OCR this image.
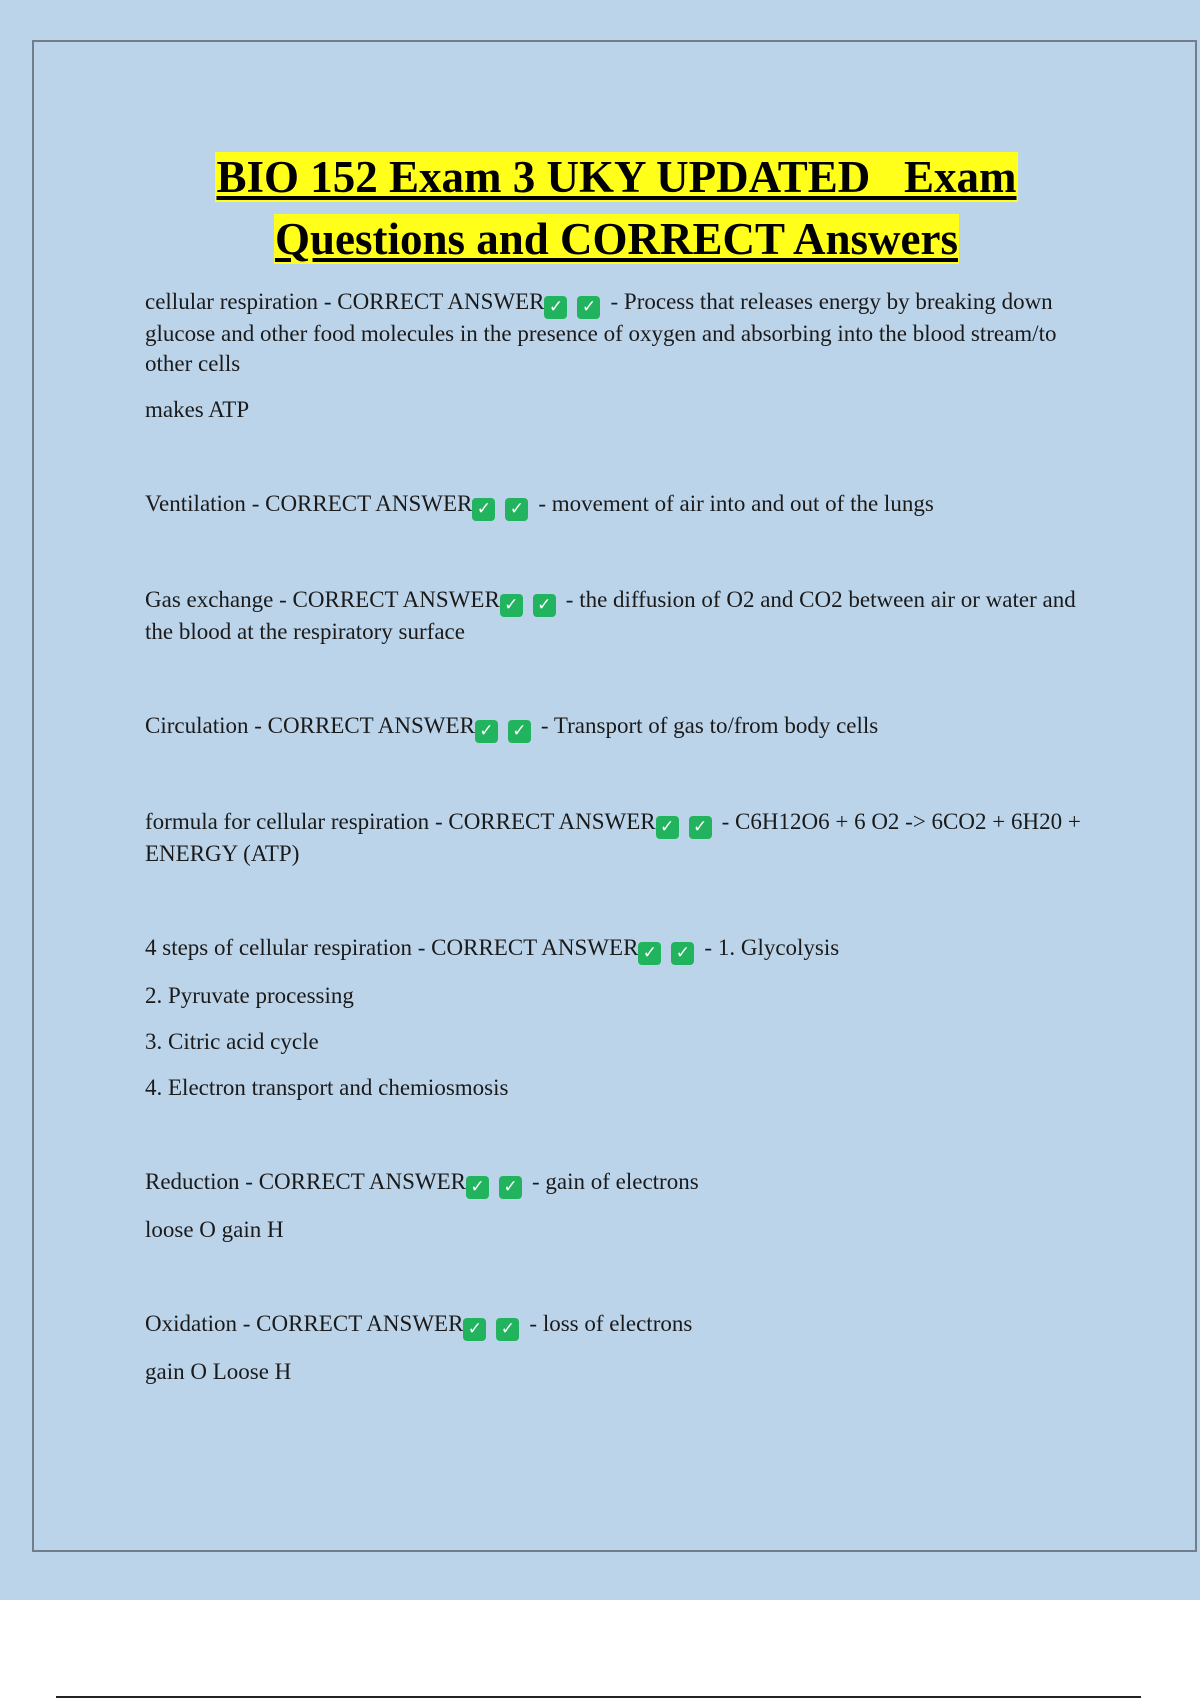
BIO 152 Exam 3 UKY UPDATED   Exam
Questions and CORRECT Answers

cellular respiration - CORRECT ANSWER ✓ ✓ - Process that releases energy by breaking down glucose and other food molecules in the presence of oxygen and absorbing into the blood stream/to other cells

makes ATP

Ventilation - CORRECT ANSWER ✓ ✓ - movement of air into and out of the lungs

Gas exchange - CORRECT ANSWER ✓ ✓ - the diffusion of O2 and CO2 between air or water and the blood at the respiratory surface

Circulation - CORRECT ANSWER ✓ ✓ - Transport of gas to/from body cells

formula for cellular respiration - CORRECT ANSWER ✓ ✓ - C6H12O6 + 6 O2 -> 6CO2 + 6H20 + ENERGY (ATP)

4 steps of cellular respiration - CORRECT ANSWER ✓ ✓ - 1. Glycolysis

2. Pyruvate processing

3. Citric acid cycle

4. Electron transport and chemiosmosis

Reduction - CORRECT ANSWER ✓ ✓ - gain of electrons

loose O gain H

Oxidation - CORRECT ANSWER ✓ ✓ - loss of electrons

gain O Loose H
